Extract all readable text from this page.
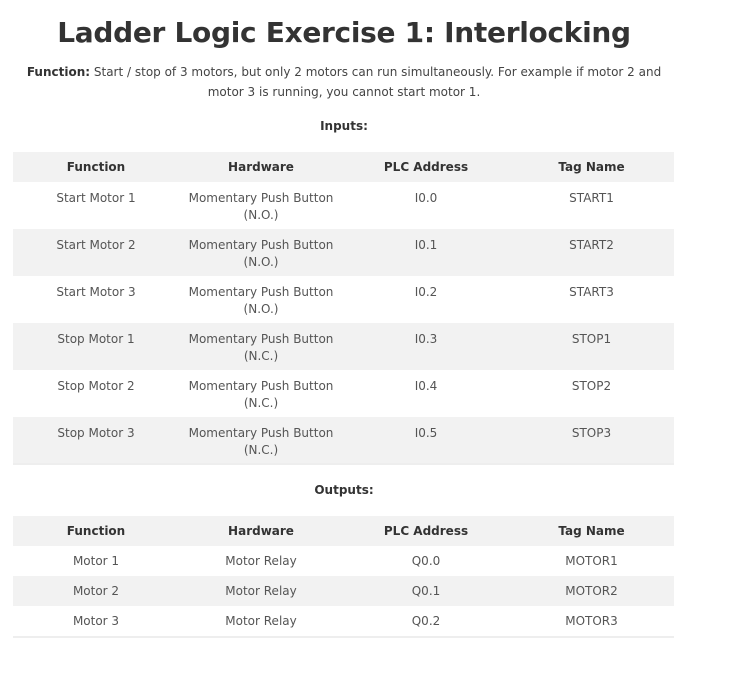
Ladder Logic Exercise 1: Interlocking

Function: Start / stop of 3 motors, but only 2 motors can run simultaneously. For example if motor 2 and motor 3 is running, you cannot start motor 1.

Inputs:
Function	Hardware	PLC Address	Tag Name
Start Motor 1	Momentary Push Button (N.O.)	I0.0	START1
Start Motor 2	Momentary Push Button (N.O.)	I0.1	START2
Start Motor 3	Momentary Push Button (N.O.)	I0.2	START3
Stop Motor 1	Momentary Push Button (N.C.)	I0.3	STOP1
Stop Motor 2	Momentary Push Button (N.C.)	I0.4	STOP2
Stop Motor 3	Momentary Push Button (N.C.)	I0.5	STOP3
Outputs:
Function	Hardware	PLC Address	Tag Name
Motor 1	Motor Relay	Q0.0	MOTOR1
Motor 2	Motor Relay	Q0.1	MOTOR2
Motor 3	Motor Relay	Q0.2	MOTOR3
